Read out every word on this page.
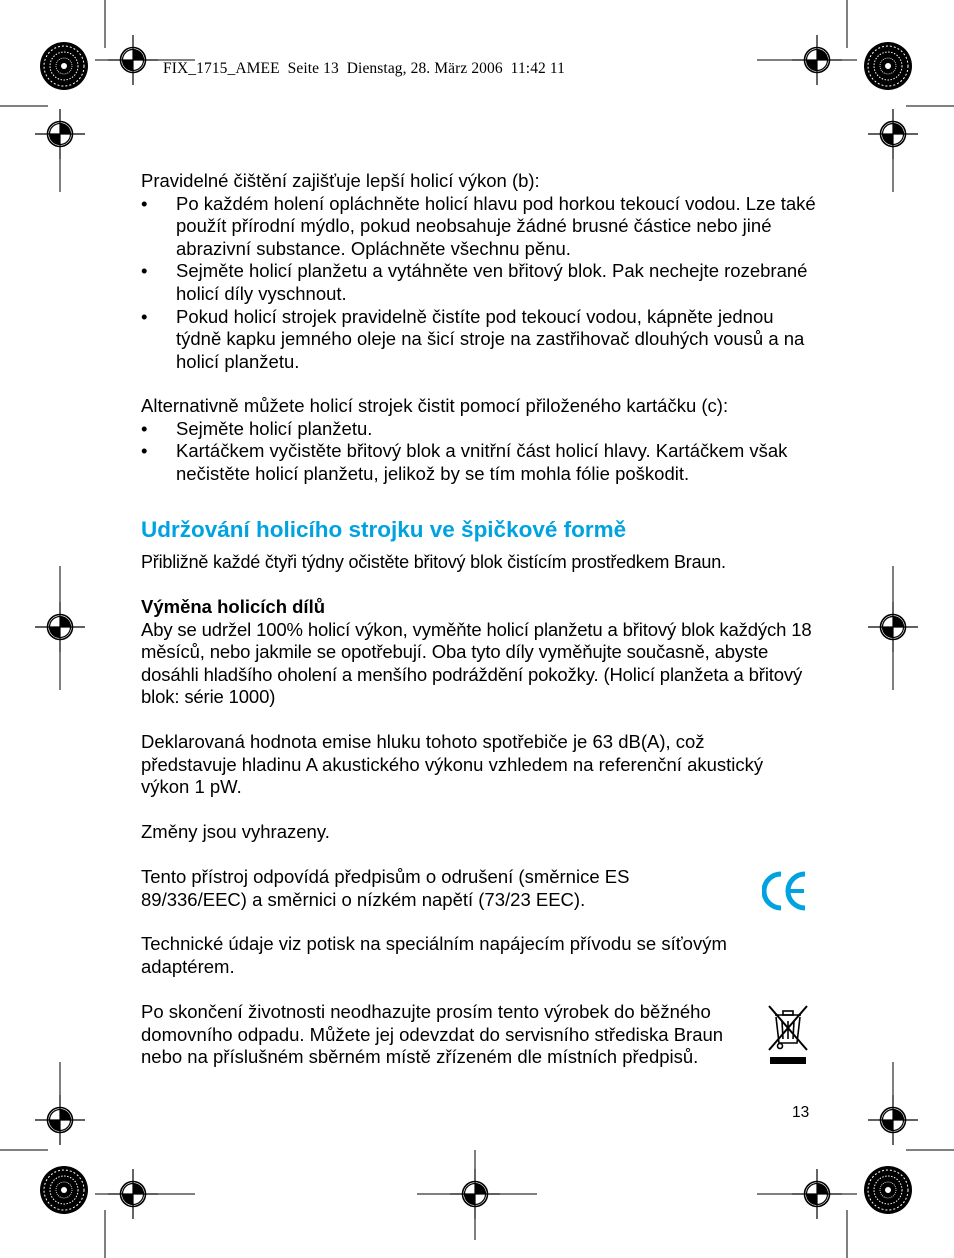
FIX_1715_AMEE  Seite 13  Dienstag, 28. März 2006  11:42 11

Pravidelné čištění zajišťuje lepší holicí výkon (b):

• Po každém holení opláchněte holicí hlavu pod horkou tekoucí vodou. Lze také použít přírodní mýdlo, pokud neobsahuje žádné brusné částice nebo jiné abrazivní substance. Opláchněte všechnu pěnu.
• Sejměte holicí planžetu a vytáhněte ven břitový blok. Pak nechejte rozebrané holicí díly vyschnout.
• Pokud holicí strojek pravidelně čistíte pod tekoucí vodou, kápněte jednou týdně kapku jemného oleje na šicí stroje na zastřihovač dlouhých vousů a na holicí planžetu.

Alternativně můžete holicí strojek čistit pomocí přiloženého kartáčku (c):

• Sejměte holicí planžetu.
• Kartáčkem vyčistěte břitový blok a vnitřní část holicí hlavy. Kartáčkem však nečistěte holicí planžetu, jelikož by se tím mohla fólie poškodit.
Udržování holicího strojku ve špičkové formě
Přibližně každé čtyři týdny očistěte břitový blok čistícím prostředkem Braun.

Výměna holicích dílů

Aby se udržel 100% holicí výkon, vyměňte holicí planžetu a břitový blok každých 18 měsíců, nebo jakmile se opotřebují. Oba tyto díly vyměňujte současně, abyste dosáhli hladšího oholení a menšího podráždění pokožky. (Holicí planžeta a břitový blok: série 1000)

Deklarovaná hodnota emise hluku tohoto spotřebiče je 63 dB(A), což představuje hladinu A akustického výkonu vzhledem na referenční akustický výkon 1 pW.
Změny jsou vyhrazeny.
Tento přístroj odpovídá předpisům o odrušení (směrnice ES 89/336/EEC) a směrnici o nízkém napětí (73/23 EEC).
Technické údaje viz potisk na speciálním napájecím přívodu se síťovým adaptérem.
Po skončení životnosti neodhazujte prosím tento výrobek do běžného domovního odpadu. Můžete jej odevzdat do servisního střediska Braun nebo na příslušném sběrném místě zřízeném dle místních předpisů.
13
